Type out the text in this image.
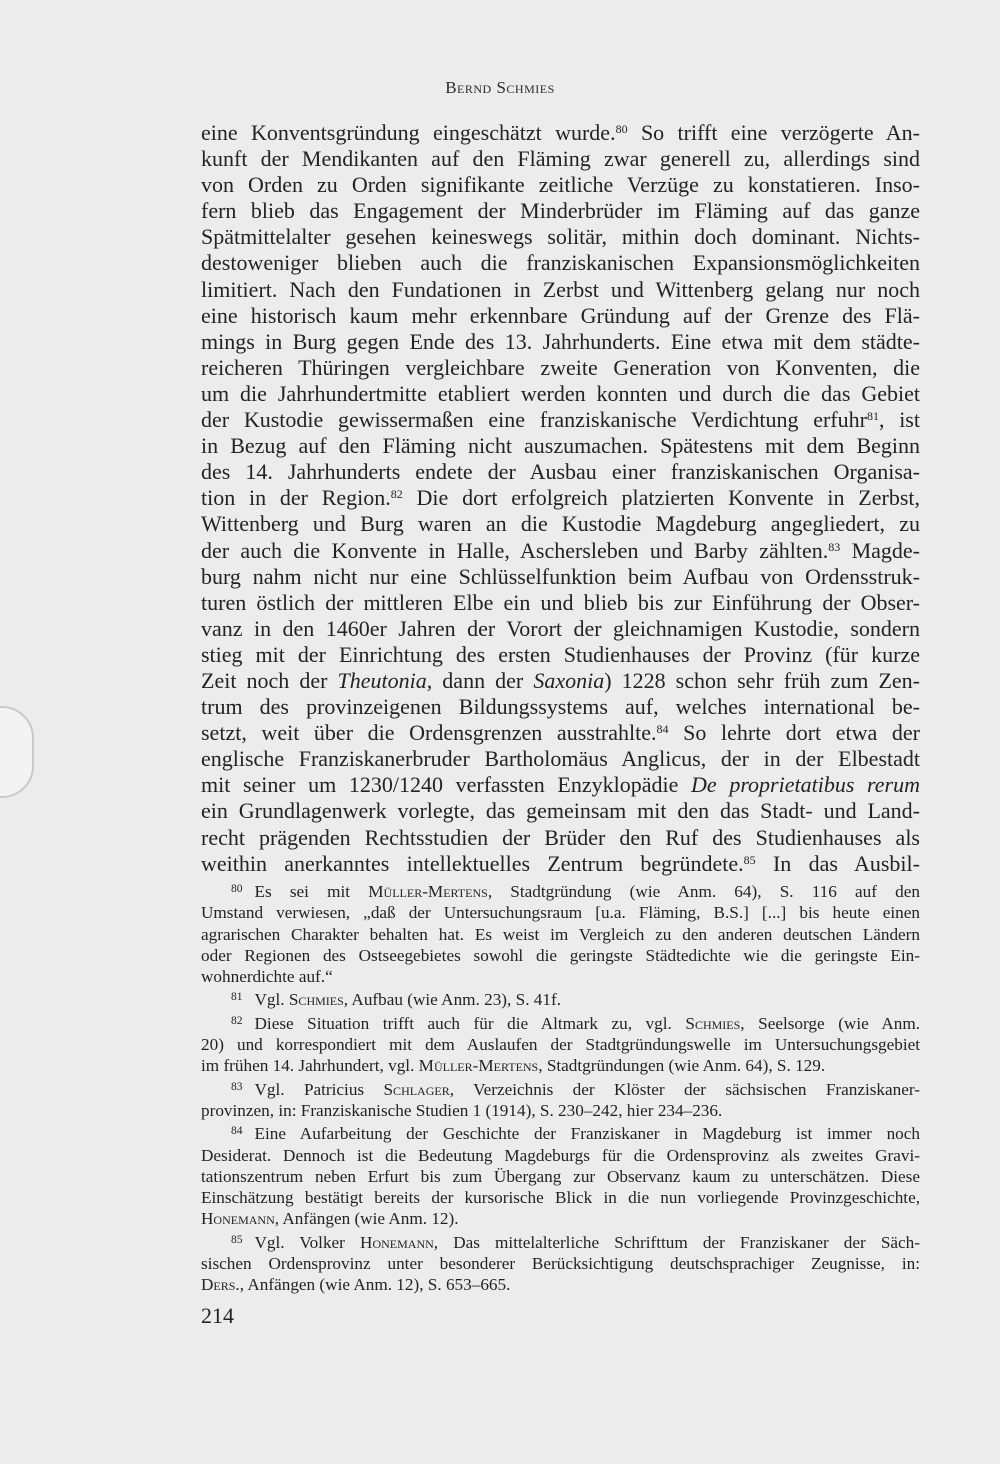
Bernd Schmies
eine Konventsgründung eingeschätzt wurde.$^{80}$ So trifft eine verzögerte An-
kunft der Mendikanten auf den Fläming zwar generell zu, allerdings sind
von Orden zu Orden signifikante zeitliche Verzüge zu konstatieren. Inso-
fern blieb das Engagement der Minderbrüder im Fläming auf das ganze
Spätmittelalter gesehen keineswegs solitär, mithin doch dominant. Nichts-
destoweniger blieben auch die franziskanischen Expansionsmöglichkeiten
limitiert. Nach den Fundationen in Zerbst und Wittenberg gelang nur noch
eine historisch kaum mehr erkennbare Gründung auf der Grenze des Flä-
mings in Burg gegen Ende des 13. Jahrhunderts. Eine etwa mit dem städte-
reicheren Thüringen vergleichbare zweite Generation von Konventen, die
um die Jahrhundertmitte etabliert werden konnten und durch die das Gebiet
der Kustodie gewissermaßen eine franziskanische Verdichtung erfuhr$^{81}$, ist
in Bezug auf den Fläming nicht auszumachen. Spätestens mit dem Beginn
des 14. Jahrhunderts endete der Ausbau einer franziskanischen Organisa-
tion in der Region.$^{82}$ Die dort erfolgreich platzierten Konvente in Zerbst,
Wittenberg und Burg waren an die Kustodie Magdeburg angegliedert, zu
der auch die Konvente in Halle, Aschersleben und Barby zählten.$^{83}$ Magde-
burg nahm nicht nur eine Schlüsselfunktion beim Aufbau von Ordensstruk-
turen östlich der mittleren Elbe ein und blieb bis zur Einführung der Obser-
vanz in den 1460er Jahren der Vorort der gleichnamigen Kustodie, sondern
stieg mit der Einrichtung des ersten Studienhauses der Provinz (für kurze
Zeit noch der Theutonia, dann der Saxonia) 1228 schon sehr früh zum Zen-
trum des provinzeigenen Bildungssystems auf, welches international be-
setzt, weit über die Ordensgrenzen ausstrahlte.$^{84}$ So lehrte dort etwa der
englische Franziskanerbruder Bartholomäus Anglicus, der in der Elbestadt
mit seiner um 1230/1240 verfassten Enzyklopädie De proprietatibus rerum
ein Grundlagenwerk vorlegte, das gemeinsam mit den das Stadt- und Land-
recht prägenden Rechtsstudien der Brüder den Ruf des Studienhauses als
weithin anerkanntes intellektuelles Zentrum begründete.$^{85}$ In das Ausbil-
$^{80}$ Es sei mit Müller-Mertens, Stadtgründung (wie Anm. 64), S. 116 auf den
Umstand verwiesen, „daß der Untersuchungsraum [u.a. Fläming, B.S.] [...] bis heute einen
agrarischen Charakter behalten hat. Es weist im Vergleich zu den anderen deutschen Ländern
oder Regionen des Ostseegebietes sowohl die geringste Städtedichte wie die geringste Ein-
wohnerdichte auf.“
$^{81}$ Vgl. Schmies, Aufbau (wie Anm. 23), S. 41f.
$^{82}$ Diese Situation trifft auch für die Altmark zu, vgl. Schmies, Seelsorge (wie Anm.
20) und korrespondiert mit dem Auslaufen der Stadtgründungswelle im Untersuchungsgebiet
im frühen 14. Jahrhundert, vgl. Müller-Mertens, Stadtgründungen (wie Anm. 64), S. 129.
$^{83}$ Vgl. Patricius Schlager, Verzeichnis der Klöster der sächsischen Franziskaner-
provinzen, in: Franziskanische Studien 1 (1914), S. 230–242, hier 234–236.
$^{84}$ Eine Aufarbeitung der Geschichte der Franziskaner in Magdeburg ist immer noch
Desiderat. Dennoch ist die Bedeutung Magdeburgs für die Ordensprovinz als zweites Gravi-
tationszentrum neben Erfurt bis zum Übergang zur Observanz kaum zu unterschätzen. Diese
Einschätzung bestätigt bereits der kursorische Blick in die nun vorliegende Provinzgeschichte,
Honemann, Anfängen (wie Anm. 12).
$^{85}$ Vgl. Volker Honemann, Das mittelalterliche Schrifttum der Franziskaner der Säch-
sischen Ordensprovinz unter besonderer Berücksichtigung deutschsprachiger Zeugnisse, in:
Ders., Anfängen (wie Anm. 12), S. 653–665.
214
